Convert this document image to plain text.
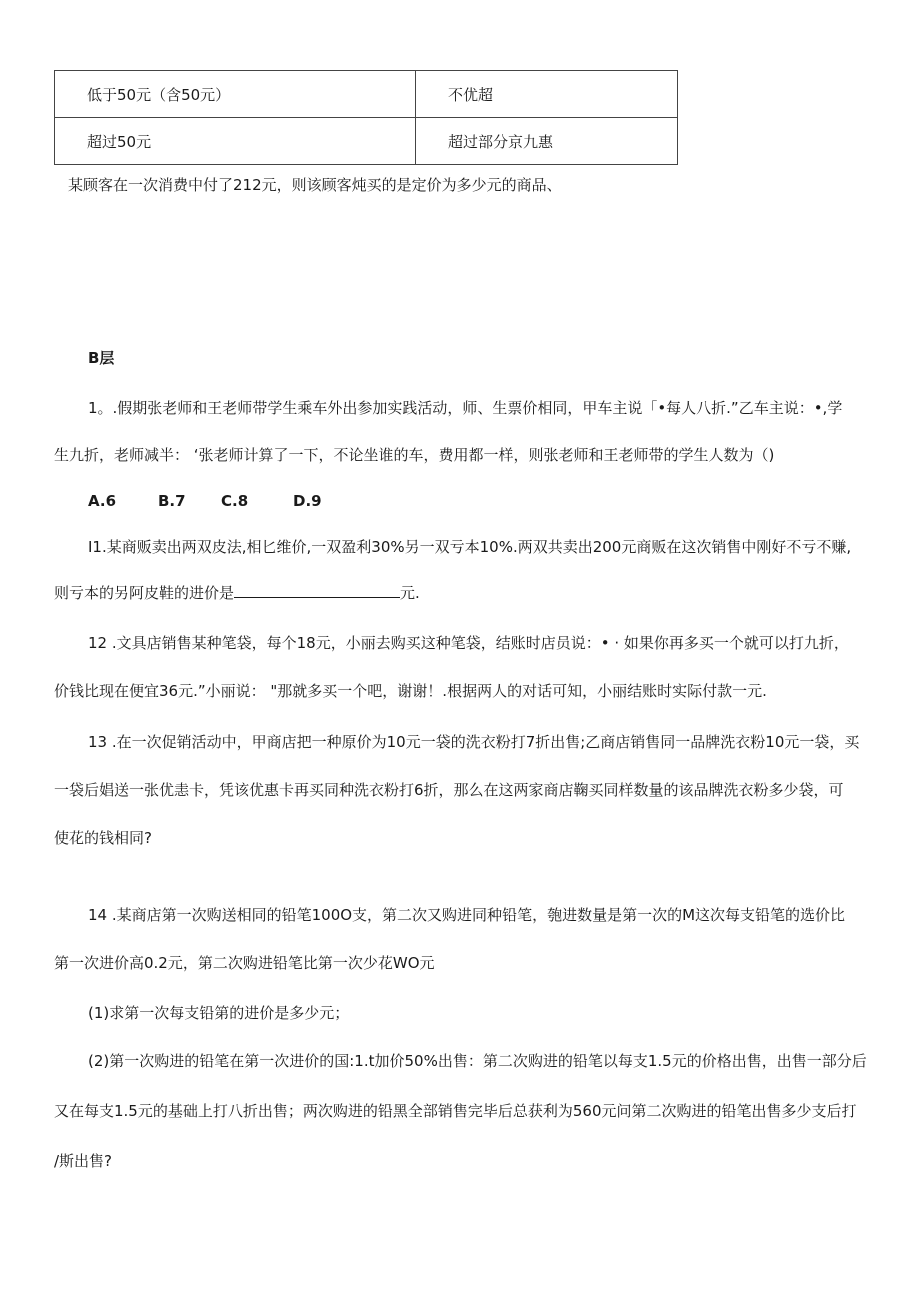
低于50元（含50元）	不优超
超过50元	超过部分京九惠
某顾客在一次消费中付了212元，则该顾客炖买的是定价为多少元的商品、
B层
1。.假期张老师和王老师带学生乘车外出参加实践活动，师、生票价相同，甲车主说「•每人八折.”乙车主说：•,学
生九折，老师减半： ‘张老师计算了一下，不论坐谁的车，费用都一样，则张老师和王老师带的学生人数为（)
A.6	B.7 C.8	D.9
I1.某商贩卖出两双皮法,相匕维价,一双盈利30%另一双亏本10%.两双共卖出200元商贩在这次销售中刚好不亏不赚,
则亏本的另阿皮鞋的进价是	元.
12 .文具店销售某种笔袋，每个18元，小丽去购买这种笔袋，结账时店员说：• · 如果你再多买一个就可以打九折，
价钱比现在便宜36元.”小丽说： "那就多买一个吧，谢谢！.根据两人的对话可知，小丽结账时实际付款一元.
13 .在一次促销活动中，甲商店把一种原价为10元一袋的洗衣粉打7折出售;乙商店销售同一品牌洗衣粉10元一袋，买
一袋后娼送一张优恚卡，凭该优惠卡再买同种洗衣粉打6折，那么在这两家商店鞠买同样数量的该品牌洗衣粉多少袋，可
使花的钱相同?
14 .某商店第一次购送相同的铅笔100O支，第二次又购进同种铅笔，匏进数量是第一次的M这次每支铅笔的选价比
第一次进价高0.2元，第二次购进铅笔比第一次少花WO元
(1)求第一次每支铅第的进价是多少元；
(2)第一次购进的铅笔在第一次进价的国:1.t加价50%出售：第二次购进的铅笔以每支1.5元的价格出售，出售一部分后
又在每支1.5元的基础上打八折出售；两次购进的铅黑全部销售完毕后总获利为560元问第二次购进的铅笔出售多少支后打
/斯出售?
